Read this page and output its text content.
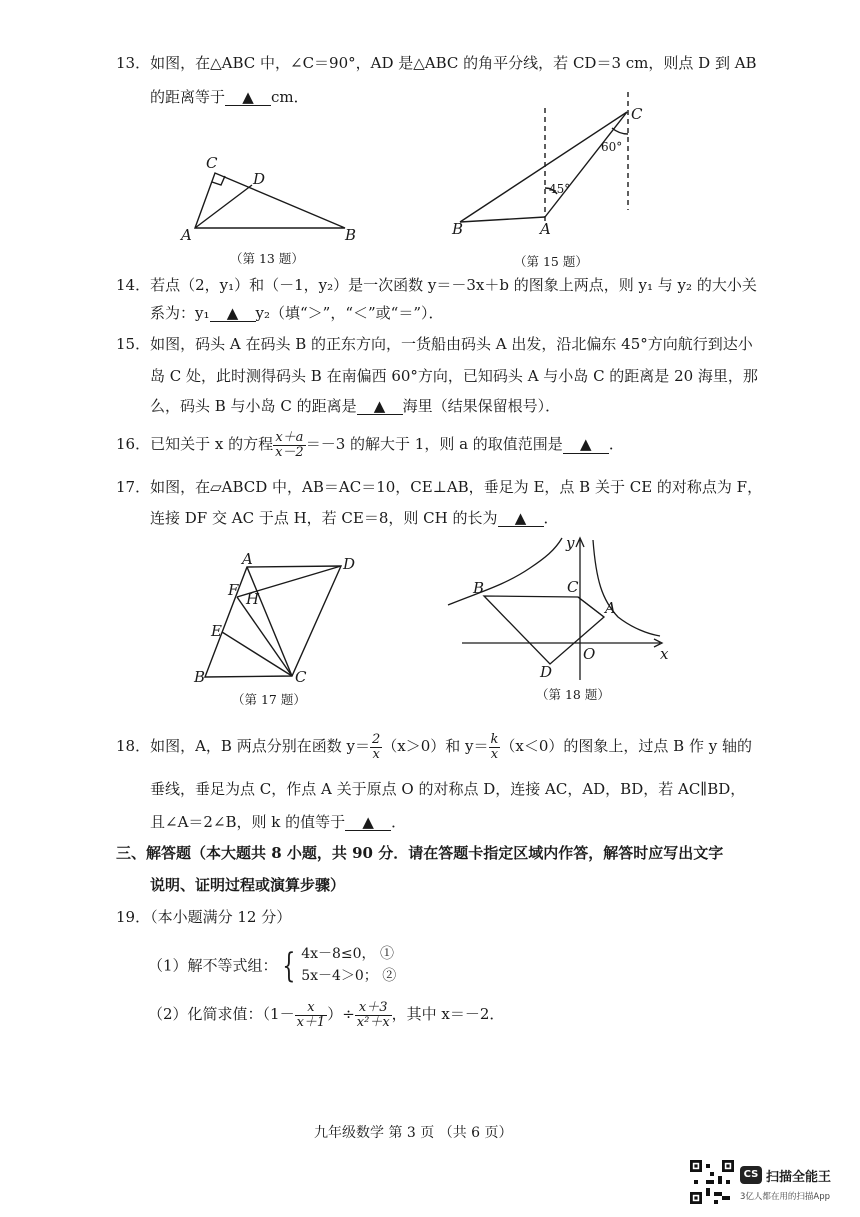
13．如图，在△ABC 中，∠C＝90°，AD 是△ABC 的角平分线，若 CD＝3 cm，则点 D 到 AB
的距离等于 ▲ cm．
A	B
C
D
（第 13 题）
B	A
C
45°
60°
（第 15 题）
14．若点（2，y₁）和（－1，y₂）是一次函数 y＝－3x＋b 的图象上两点，则 y₁ 与 y₂ 的大小关
系为：y₁ ▲ y₂（填“＞”，“＜”或“＝”）．
15．如图，码头 A 在码头 B 的正东方向，一货船由码头 A 出发，沿北偏东 45°方向航行到达小
岛 C 处，此时测得码头 B 在南偏西 60°方向，已知码头 A 与小岛 C 的距离是 20 海里，那
么，码头 B 与小岛 C 的距离是 ▲ 海里（结果保留根号）．
16．已知关于 x 的方程 $\frac{x+a}{x-2} =-3$ 的解大于 1，则 a 的取值范围是 ▲ ．
17．如图，在▱ABCD 中，AB＝AC＝10，CE⊥AB，垂足为 E，点 B 关于 CE 的对称点为 F，
连接 DF 交 AC 于点 H，若 CE＝8，则 CH 的长为 ▲ ．
A	D
F H
E
B	C
（第 17 题）
y
B	C
A
O	x
D
（第 18 题）
18．如图，A，B 两点分别在函数 $y= \frac{2}{x} (x>0)$和 $y= \frac{k}{x} (x<0)$的图象上，过点 B 作 y 轴的
垂线，垂足为点 C，作点 A 关于原点 O 的对称点 D，连接 AC，AD，BD，若 AC∥BD，
且∠A＝2∠B，则 k 的值等于 ▲ ．
三、解答题（本大题共 8 小题，共 90 分．请在答题卡指定区域内作答，解答时应写出文字
说明、证明过程或演算步骤）
19．（本小题满分 12 分）
（1）解不等式组： { 4x－8≤0， ①
5x－4＞0； ②
（2）化简求值：（$1- \frac{x}{x+1}$ ）÷ $\frac{x+3}{\text{x²＋x}}$ ，其中 x＝－2．
九年级数学 第 3 页 （共 6 页）
CS 扫描全能王
3亿人都在用的扫描App
